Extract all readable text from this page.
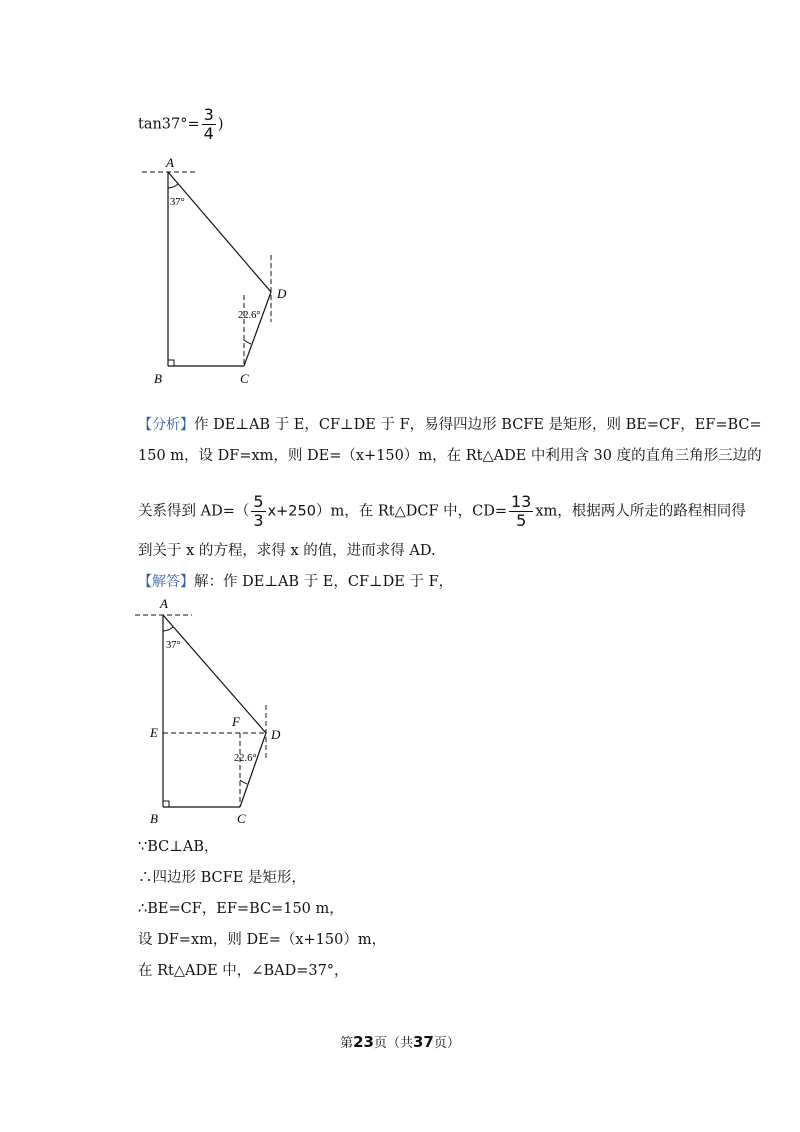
$\tan 37^\circ= \frac{3}{4}$ )
A
B	C
D
37°
22.6°
【分析】作 DE⊥AB 于 E，CF⊥DE 于 F，易得四边形 BCFE 是矩形，则 BE=CF，EF=BC=
150 m，设 DF=xm，则 DE=（x+150）m，在 Rt△ADE 中利用含 30 度的直角三角形三边的
关系得到 $AD=( \frac{5}{3} x+250)m$，在 Rt△DCF 中，$CD= \frac{13}{5}$ xm，根据两人所走的路程相同得
到关于 x 的方程，求得 x 的值，进而求得 AD.
【解答】解：作 DE⊥AB 于 E，CF⊥DE 于 F，
A
B	C
D
E
F
37°
22.6°
∵BC⊥AB，
∴四边形 BCFE 是矩形，
∴BE=CF，EF=BC=150 m，
设 DF=xm，则 DE=（x+150）m，
在 Rt△ADE 中，∠BAD=37°，
第23页（共37页）
